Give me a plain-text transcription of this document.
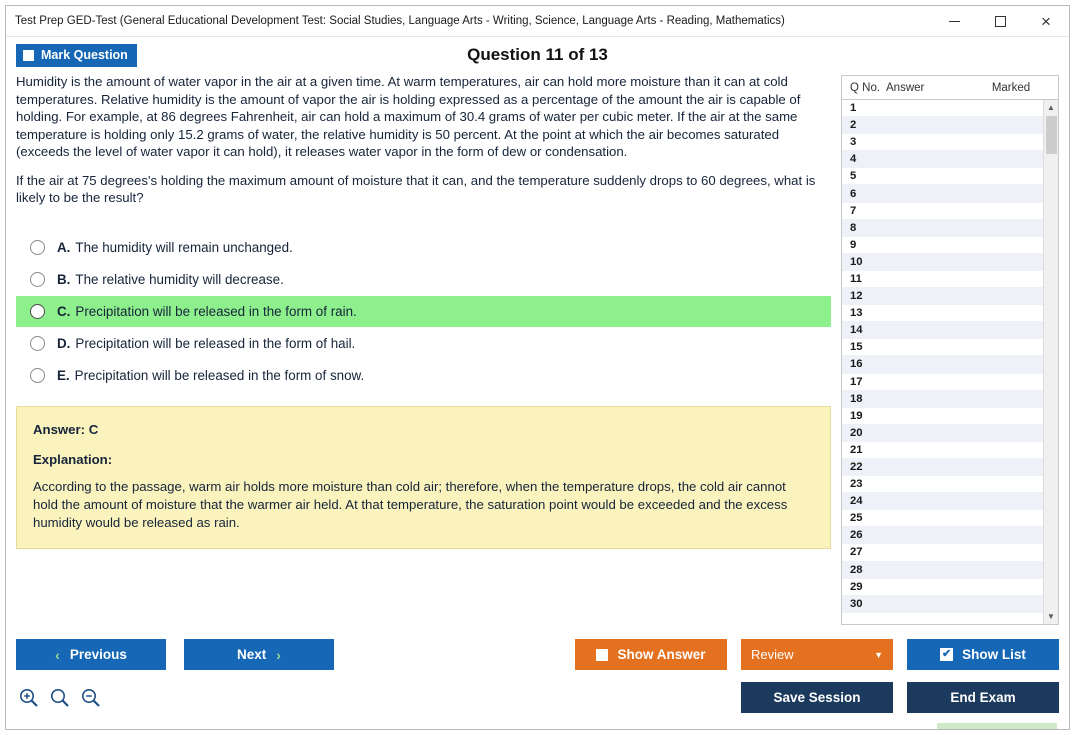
Test Prep GED-Test (General Educational Development Test: Social Studies, Language Arts - Writing, Science, Language Arts - Reading, Mathematics)	×
Mark Question	Question 11 of 13

Humidity is the amount of water vapor in the air at a given time. At warm temperatures, air can hold more moisture than it can at cold temperatures. Relative humidity is the amount of vapor the air is holding expressed as a percentage of the amount the air is capable of holding. For example, at 86 degrees Fahrenheit, air can hold a maximum of 30.4 grams of water per cubic meter. If the air at the same temperature is holding only 15.2 grams of water, the relative humidity is 50 percent. At the point at which the air becomes saturated (exceeds the level of water vapor it can hold), it releases water vapor in the form of dew or condensation.

If the air at 75 degrees's holding the maximum amount of moisture that it can, and the temperature suddenly drops to 60 degrees, what is likely to be the result?

A. The humidity will remain unchanged.
B. The relative humidity will decrease.
C. Precipitation will be released in the form of rain.
D. Precipitation will be released in the form of hail.
E. Precipitation will be released in the form of snow.
Answer: C
Explanation:
According to the passage, warm air holds more moisture than cold air; therefore, when the temperature drops, the cold air cannot hold the amount of moisture that the warmer air held. At that temperature, the saturation point would be exceeded and the excess humidity would be released as rain.
Q No. Answer	Marked
1
2
3
4
5
6
7
8
9
10
11
12
13
14
15
16
17
18
19
20
21
22
23
24
25
26
27
28
29
30
▲
▼
‹ Previous	Next ›	Show Answer	Review	▼	✔ Show List
Save Session	End Exam
